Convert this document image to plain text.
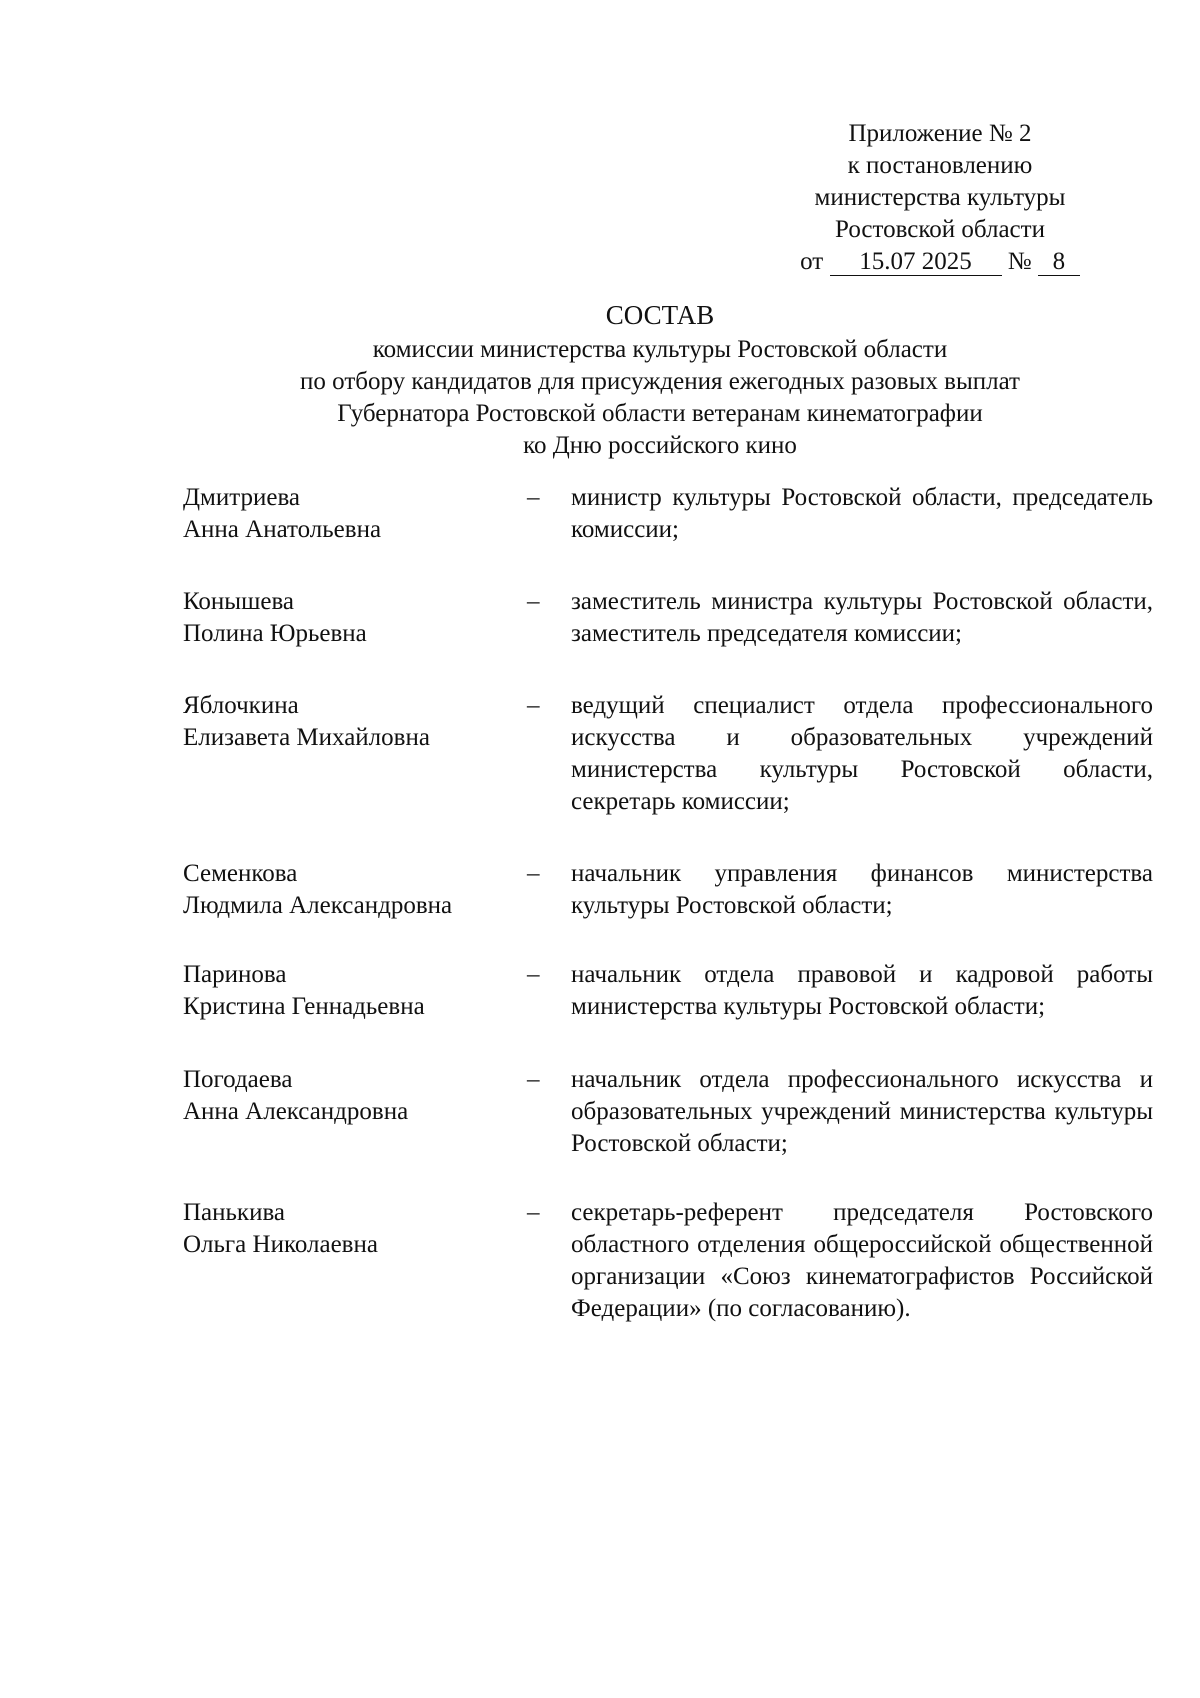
Приложение № 2
к постановлению
министерства культуры
Ростовской области
от 15.07 2025 № 8
СОСТАВ
комиссии министерства культуры Ростовской области
по отбору кандидатов для присуждения ежегодных разовых выплат
Губернатора Ростовской области ветеранам кинематографии
ко Дню российского кино
Дмитриева
Анна Анатольевна
–	министр культуры Ростовской области, председатель комиссии;
Конышева
Полина Юрьевна
–	заместитель министра культуры Ростовской области, заместитель председателя комиссии;
Яблочкина
Елизавета Михайловна
–	ведущий специалист отдела профессионального искусства и образовательных учреждений министерства культуры Ростовской области, секретарь комиссии;
Семенкова
Людмила Александровна
–	начальник управления финансов министерства культуры Ростовской области;
Паринова
Кристина Геннадьевна
–	начальник отдела правовой и кадровой работы министерства культуры Ростовской области;
Погодаева
Анна Александровна
–	начальник отдела профессионального искусства и образовательных учреждений министерства культуры Ростовской области;
Панькива
Ольга Николаевна
–	секретарь-референт председателя Ростовского областного отделения общероссийской общественной организации «Союз кинематографистов Российской Федерации» (по согласованию).
